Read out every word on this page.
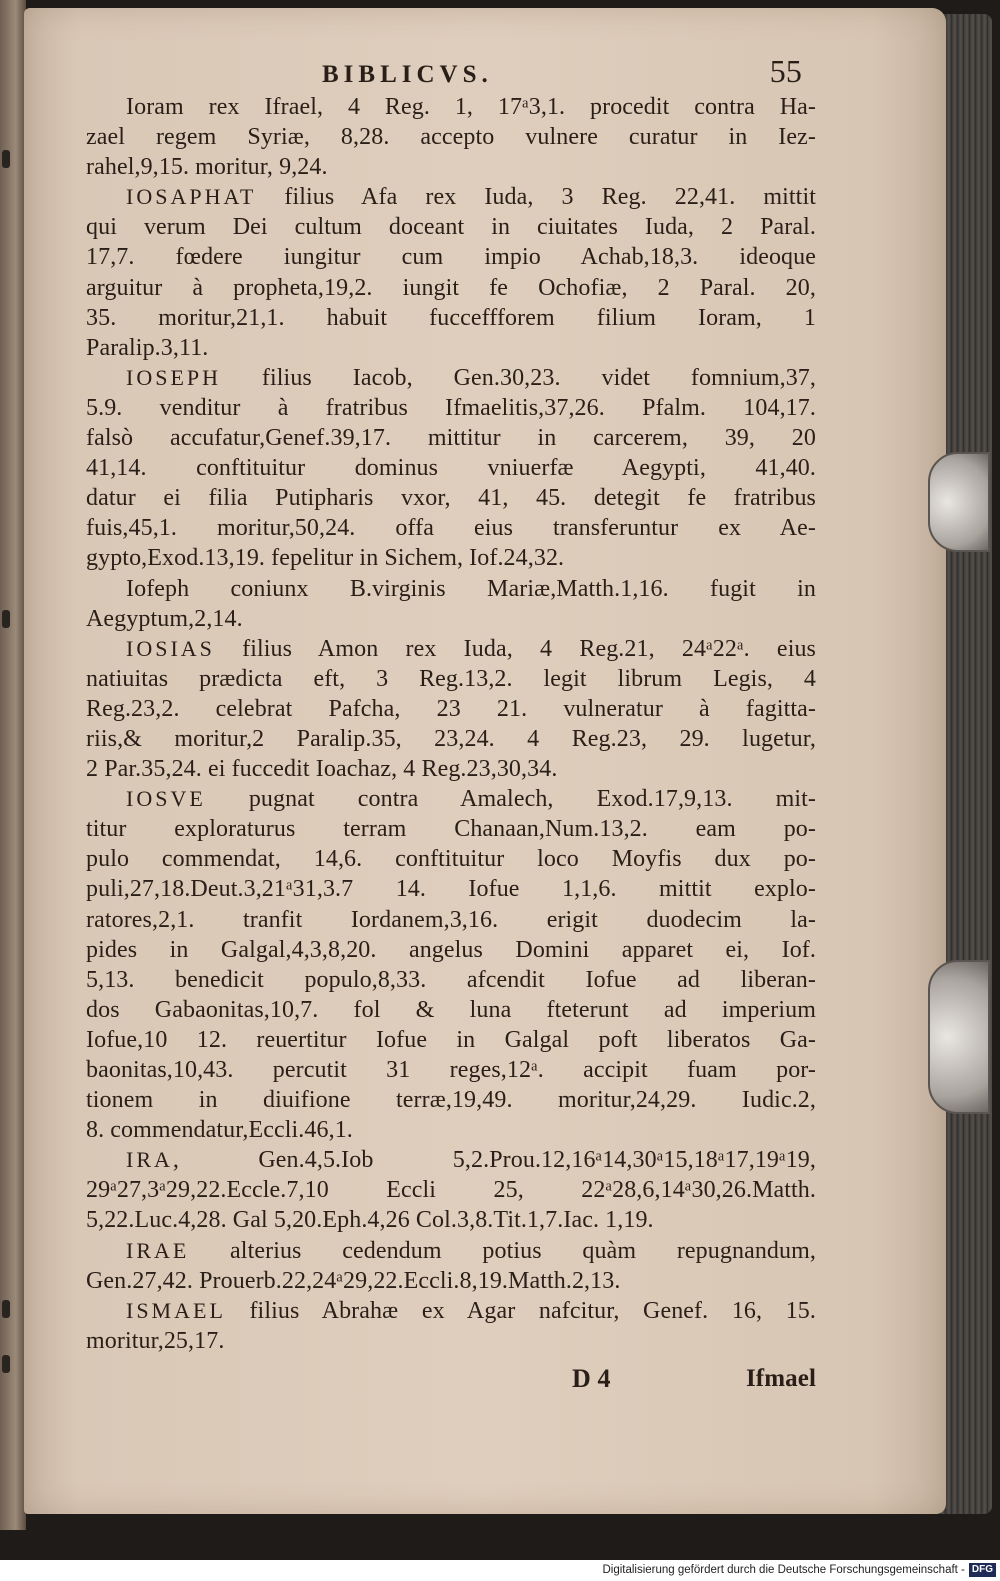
BIBLICVS.	55

Ioram rex Ifrael, 4 Reg. 1, 17ᵃ3,1. procedit contra Ha-
zael regem Syriæ, 8,28. accepto vulnere curatur in Iez-
rahel,9,15. moritur, 9,24.

IOSAPHAT filius Afa rex Iuda, 3 Reg. 22,41. mittit
qui verum Dei cultum doceant in ciuitates Iuda, 2 Paral.
17,7. fœdere iungitur cum impio Achab,18,3. ideoque
arguitur à propheta,19,2. iungit fe Ochofiæ, 2 Paral. 20,
35. moritur,21,1. habuit fucceffforem filium Ioram, 1
Paralip.3,11.

IOSEPH filius Iacob, Gen.30,23. videt fomnium,37,
5.9. venditur à fratribus Ifmaelitis,37,26. Pfalm. 104,17.
falsò accufatur,Genef.39,17. mittitur in carcerem, 39, 20
41,14. conftituitur dominus vniuerfæ Aegypti, 41,40.
datur ei filia Putipharis vxor, 41, 45. detegit fe fratribus
fuis,45,1. moritur,50,24. offa eius transferuntur ex Ae-
gypto,Exod.13,19. fepelitur in Sichem, Iof.24,32.

Iofeph coniunx B.virginis Mariæ,Matth.1,16. fugit in
Aegyptum,2,14.

IOSIAS filius Amon rex Iuda, 4 Reg.21, 24ᵃ22ᵃ. eius
natiuitas prædicta eft, 3 Reg.13,2. legit librum Legis, 4
Reg.23,2. celebrat Pafcha, 23 21. vulneratur à fagitta-
riis,& moritur,2 Paralip.35, 23,24. 4 Reg.23, 29. lugetur,
2 Par.35,24. ei fuccedit Ioachaz, 4 Reg.23,30,34.

IOSVE pugnat contra Amalech, Exod.17,9,13. mit-
titur exploraturus terram Chanaan,Num.13,2. eam po-
pulo commendat, 14,6. conftituitur loco Moyfis dux po-
puli,27,18.Deut.3,21ᵃ31,3.7 14. Iofue 1,1,6. mittit explo-
ratores,2,1. tranfit Iordanem,3,16. erigit duodecim la-
pides in Galgal,4,3,8,20. angelus Domini apparet ei, Iof.
5,13. benedicit populo,8,33. afcendit Iofue ad liberan-
dos Gabaonitas,10,7. fol & luna fteterunt ad imperium
Iofue,10 12. reuertitur Iofue in Galgal poft liberatos Ga-
baonitas,10,43. percutit 31 reges,12ᵃ. accipit fuam por-
tionem in diuifione terræ,19,49. moritur,24,29. Iudic.2,
8. commendatur,Eccli.46,1.

IRA, Gen.4,5.Iob 5,2.Prou.12,16ᵃ14,30ᵃ15,18ᵃ17,19ᵃ19,
29ᵃ27,3ᵃ29,22.Eccle.7,10 Eccli 25, 22ᵃ28,6,14ᵃ30,26.Matth.
5,22.Luc.4,28. Gal 5,20.Eph.4,26 Col.3,8.Tit.1,7.Iac. 1,19.

IRAE alterius cedendum potius quàm repugnandum,
Gen.27,42. Prouerb.22,24ᵃ29,22.Eccli.8,19.Matth.2,13.

ISMAEL filius Abrahæ ex Agar nafcitur, Genef. 16, 15.
moritur,25,17.

D 4	Ifmael
Digitalisierung gefördert durch die Deutsche Forschungsgemeinschaft - DFG
